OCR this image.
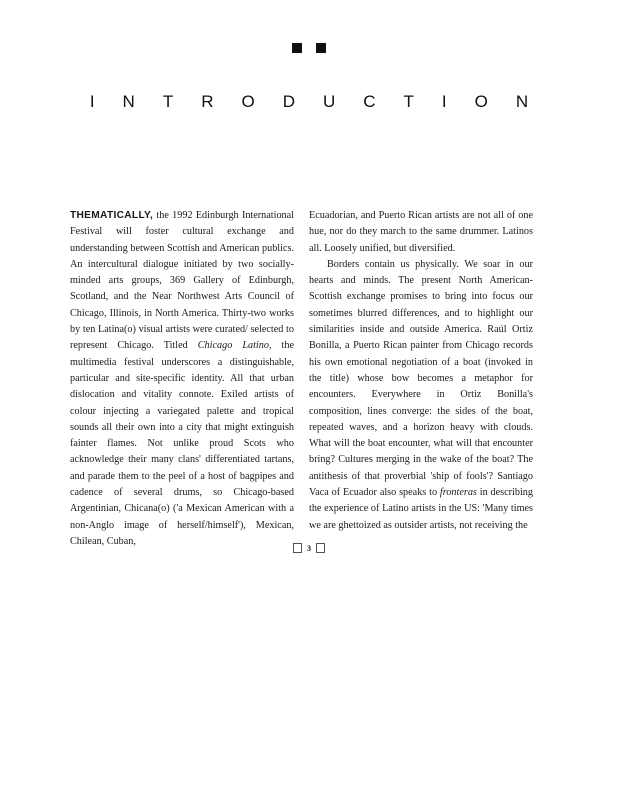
INTRODUCTION

THEMATICALLY, the 1992 Edinburgh International Festival will foster cultural exchange and understanding between Scottish and American publics. An intercultural dialogue initiated by two socially-minded arts groups, 369 Gallery of Edinburgh, Scotland, and the Near Northwest Arts Council of Chicago, Illinois, in North America. Thirty-two works by ten Latina(o) visual artists were curated/ selected to represent Chicago. Titled Chicago Latino, the multimedia festival underscores a distinguishable, particular and site-specific identity. All that urban dislocation and vitality connote. Exiled artists of colour injecting a variegated palette and tropical sounds all their own into a city that might extinguish fainter flames. Not unlike proud Scots who acknowledge their many clans' differentiated tartans, and parade them to the peel of a host of bagpipes and cadence of several drums, so Chicago-based Argentinian, Chicana(o) ('a Mexican American with a non-Anglo image of herself/himself'), Mexican, Chilean, Cuban,

Ecuadorian, and Puerto Rican artists are not all of one hue, nor do they march to the same drummer. Latinos all. Loosely unified, but diversified.

Borders contain us physically. We soar in our hearts and minds. The present North American-Scottish exchange promises to bring into focus our sometimes blurred differences, and to highlight our similarities inside and outside America. Raúl Ortiz Bonilla, a Puerto Rican painter from Chicago records his own emotional negotiation of a boat (invoked in the title) whose bow becomes a metaphor for encounters. Everywhere in Ortiz Bonilla's composition, lines converge: the sides of the boat, repeated waves, and a horizon heavy with clouds. What will the boat encounter, what will that encounter bring? Cultures merging in the wake of the boat? The antithesis of that proverbial 'ship of fools'? Santiago Vaca of Ecuador also speaks to fronteras in describing the experience of Latino artists in the US: 'Many times we are ghettoized as outsider artists, not receiving the

3
